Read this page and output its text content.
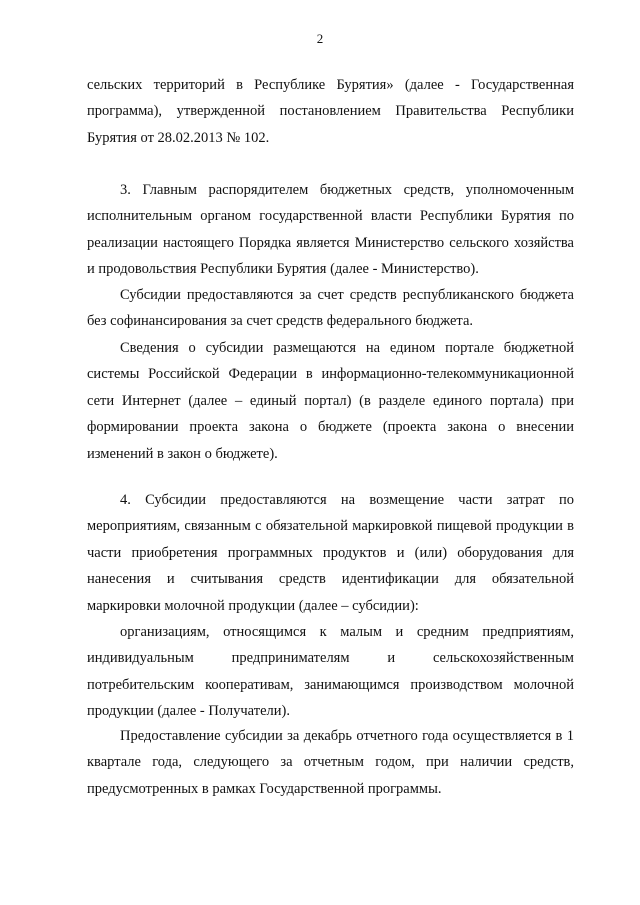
2

сельских территорий в Республике Бурятия» (далее - Государственная программа), утвержденной постановлением Правительства Республики Бурятия от 28.02.2013 № 102.

3. Главным распорядителем бюджетных средств, уполномоченным исполнительным органом государственной власти Республики Бурятия по реализации настоящего Порядка является Министерство сельского хозяйства и продовольствия Республики Бурятия (далее - Министерство).

Субсидии предоставляются за счет средств республиканского бюджета без софинансирования за счет средств федерального бюджета.

Сведения о субсидии размещаются на едином портале бюджетной системы Российской Федерации в информационно-телекоммуникационной сети Интернет (далее – единый портал) (в разделе единого портала) при формировании проекта закона о бюджете (проекта закона о внесении изменений в закон о бюджете).

4. Субсидии предоставляются на возмещение части затрат по мероприятиям, связанным с обязательной маркировкой пищевой продукции в части приобретения программных продуктов и (или) оборудования для нанесения и считывания средств идентификации для обязательной маркировки молочной продукции (далее – субсидии):

организациям, относящимся к малым и средним предприятиям, индивидуальным предпринимателям и сельскохозяйственным потребительским кооперативам, занимающимся производством молочной продукции (далее - Получатели).

Предоставление субсидии за декабрь отчетного года осуществляется в 1 квартале года, следующего за отчетным годом, при наличии средств, предусмотренных в рамках Государственной программы.
